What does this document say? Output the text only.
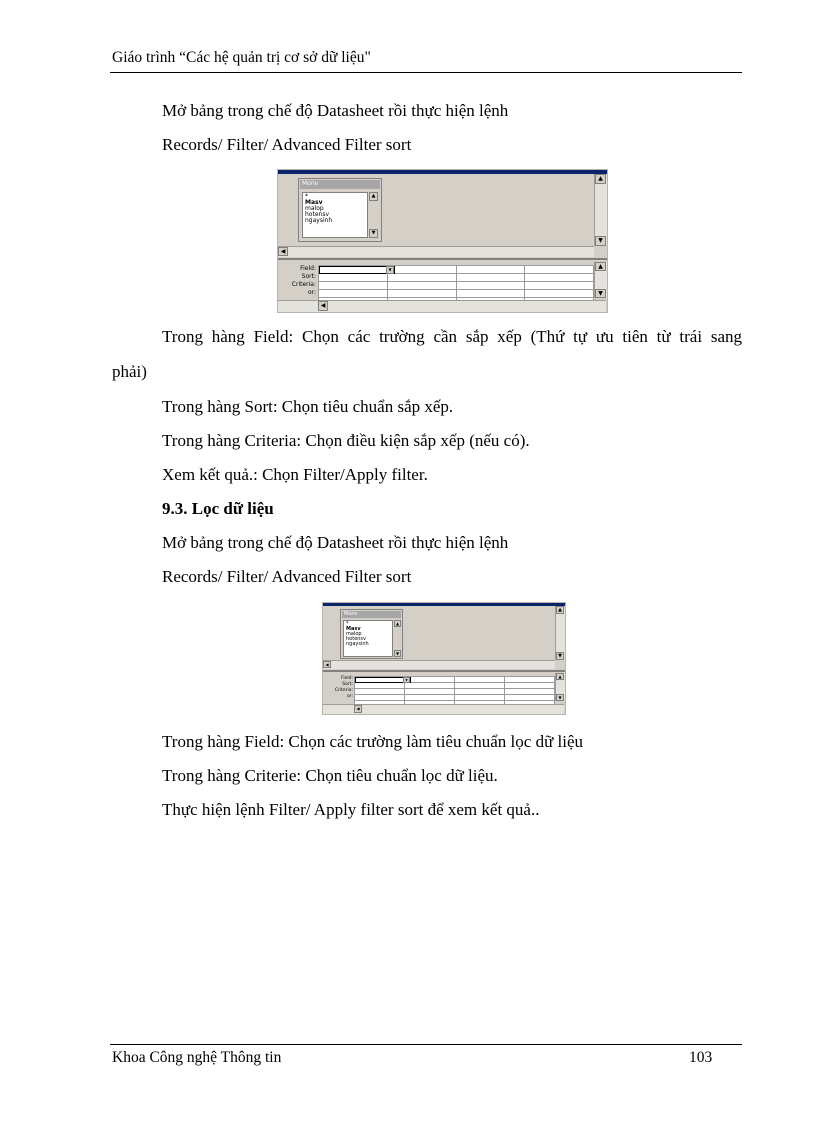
Giáo trình “Các hệ quản trị cơ sở dữ liệu"
Mở bảng trong chế độ Datasheet rồi thực hiện lệnh
Records/ Filter/ Advanced Filter sort
Monv
*
Masv
malop
hotensv
ngaysinh
▲
▼
▲
▼
◀
Field:
Sort:
Criteria:
or:

▼	▲
▼
◀
Trong hàng Field: Chọn các trường cần sắp xếp (Thứ tự ưu tiên từ trái sang
phải)
Trong hàng Sort: Chọn tiêu chuẩn sắp xếp.
Trong hàng Criteria: Chọn điều kiện sắp xếp (nếu có).
Xem kết quả.: Chọn Filter/Apply filter.
9.3. Lọc dữ liệu
Mở bảng trong chế độ Datasheet rồi thực hiện lệnh
Records/ Filter/ Advanced Filter sort
Monv
*
Masv
malop
hotensv
ngaysinh
▲
▼
▲
▼
◀
Field:
Sort:
Criteria:
or:

▼
▲
▼
◀
Trong hàng Field: Chọn các trường làm tiêu chuẩn lọc dữ liệu
Trong hàng Criterie: Chọn tiêu chuẩn lọc dữ liệu.
Thực hiện lệnh Filter/ Apply filter sort để xem kết quả..
Khoa Công nghệ Thông tin	103
